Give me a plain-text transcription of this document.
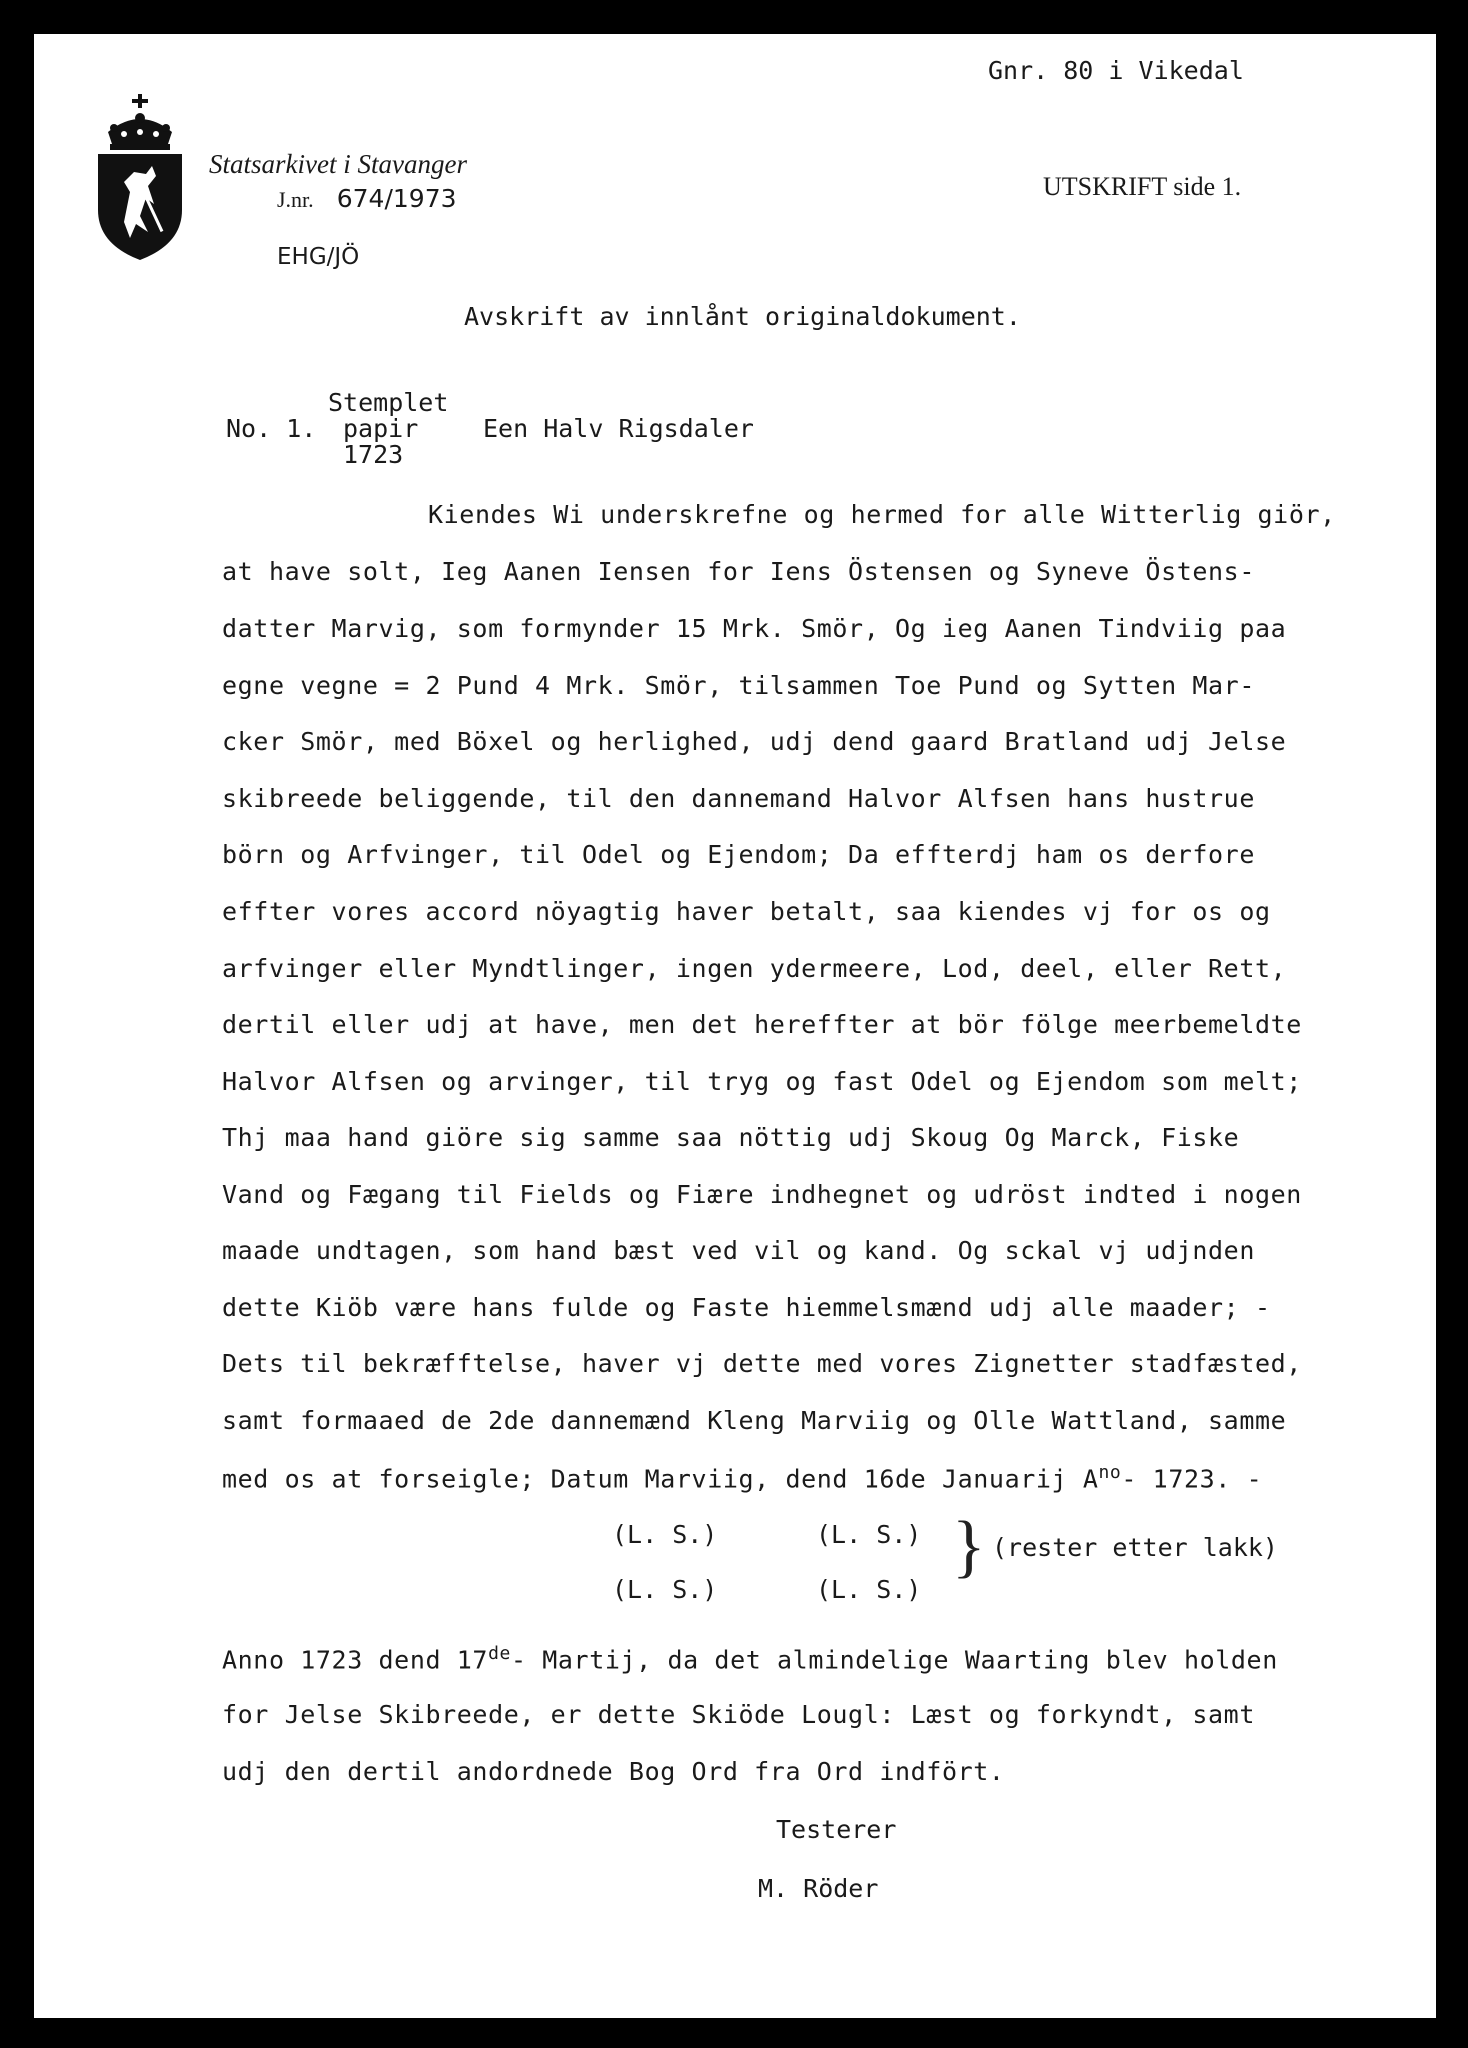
Gnr. 80 i Vikedal
Statsarkivet i Stavanger
J.nr. 674/1973	UTSKRIFT side 1.
EHG/JÖ
Avskrift av innlånt originaldokument.
Stemplet
No. 1. papir	Een Halv Rigsdaler
1723
Kiendes Wi underskrefne og hermed for alle Witterlig giör,
at have solt, Ieg Aanen Iensen for Iens Östensen og Syneve Östens-
datter Marvig, som formynder 15 Mrk. Smör, Og ieg Aanen Tindviig paa
egne vegne = 2 Pund 4 Mrk. Smör, tilsammen Toe Pund og Sytten Mar-
cker Smör, med Böxel og herlighed, udj dend gaard Bratland udj Jelse
skibreede beliggende, til den dannemand Halvor Alfsen hans hustrue
börn og Arfvinger, til Odel og Ejendom; Da effterdj ham os derfore
effter vores accord nöyagtig haver betalt, saa kiendes vj for os og
arfvinger eller Myndtlinger, ingen ydermeere, Lod, deel, eller Rett,
dertil eller udj at have, men det hereffter at bör fölge meerbemeldte
Halvor Alfsen og arvinger, til tryg og fast Odel og Ejendom som melt;
Thj maa hand giöre sig samme saa nöttig udj Skoug Og Marck, Fiske
Vand og Fægang til Fields og Fiære indhegnet og udröst indted i nogen
maade undtagen, som hand bæst ved vil og kand. Og sckal vj udjnden
dette Kiöb være hans fulde og Faste hiemmelsmænd udj alle maader; -
Dets til bekræfftelse, haver vj dette med vores Zignetter stadfæsted,
samt formaaed de 2de dannemænd Kleng Marviig og Olle Wattland, samme
med os at forseigle; Datum Marviig, dend 16de Januarij $A^{no}-$ 1723. -
(L. S.)	(L. S.)
(L. S.)	(L. S.)
} (rester etter lakk)
Anno 1723 dend 17de- Martij, da det almindelige Waarting blev holden
for Jelse Skibreede, er dette Skiöde Lougl: Læst og forkyndt, samt
udj den dertil andordnede Bog Ord fra Ord indfört.
Testerer
M. Röder
